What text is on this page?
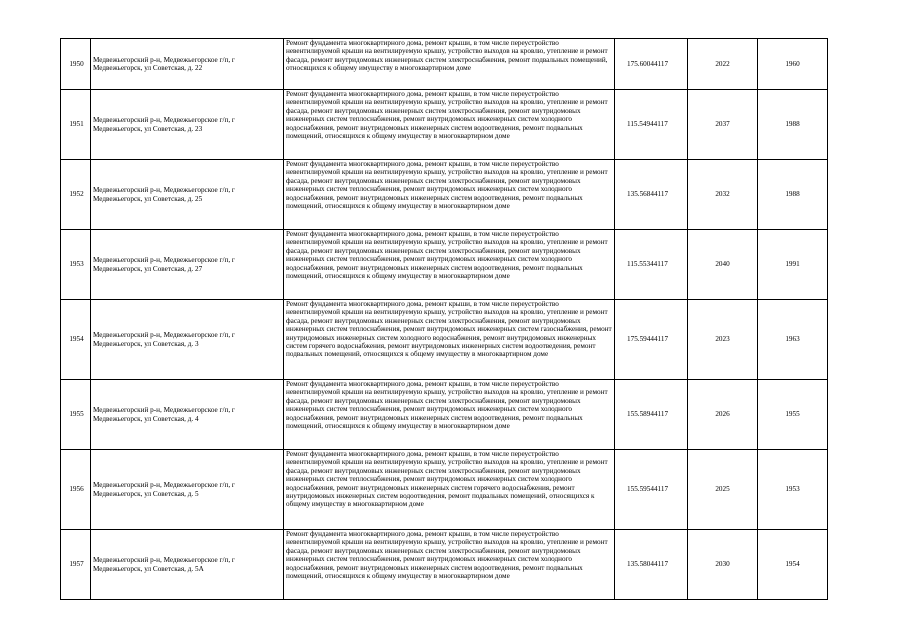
1950	Медвежьегорский р-н, Медвежьегорское г/п, г Медвежьегорск, ул Советская, д. 22	Ремонт фундамента многоквартирного дома, ремонт крыши, в том числе переустройство невентилируемой крыши на вентилируемую крышу, устройство выходов на кровлю, утепление и ремонт фасада, ремонт внутридомовых инженерных систем электроснабжения, ремонт подвальных помещений, относящихся к общему имуществу в многоквартирном доме	175.60044117	2022	1960
1951	Медвежьегорский р-н, Медвежьегорское г/п, г Медвежьегорск, ул Советская, д. 23	Ремонт фундамента многоквартирного дома, ремонт крыши, в том числе переустройство невентилируемой крыши на вентилируемую крышу, устройство выходов на кровлю, утепление и ремонт фасада, ремонт внутридомовых инженерных систем электроснабжения, ремонт внутридомовых инженерных систем теплоснабжения, ремонт внутридомовых инженерных систем холодного водоснабжения, ремонт внутридомовых инженерных систем водоотведения, ремонт подвальных помещений, относящихся к общему имуществу в многоквартирном доме	115.54944117	2037	1988
1952	Медвежьегорский р-н, Медвежьегорское г/п, г Медвежьегорск, ул Советская, д. 25	Ремонт фундамента многоквартирного дома, ремонт крыши, в том числе переустройство невентилируемой крыши на вентилируемую крышу, устройство выходов на кровлю, утепление и ремонт фасада, ремонт внутридомовых инженерных систем электроснабжения, ремонт внутридомовых инженерных систем теплоснабжения, ремонт внутридомовых инженерных систем холодного водоснабжения, ремонт внутридомовых инженерных систем водоотведения, ремонт подвальных помещений, относящихся к общему имуществу в многоквартирном доме	135.56844117	2032	1988
1953	Медвежьегорский р-н, Медвежьегорское г/п, г Медвежьегорск, ул Советская, д. 27	Ремонт фундамента многоквартирного дома, ремонт крыши, в том числе переустройство невентилируемой крыши на вентилируемую крышу, устройство выходов на кровлю, утепление и ремонт фасада, ремонт внутридомовых инженерных систем электроснабжения, ремонт внутридомовых инженерных систем теплоснабжения, ремонт внутридомовых инженерных систем холодного водоснабжения, ремонт внутридомовых инженерных систем водоотведения, ремонт подвальных помещений, относящихся к общему имуществу в многоквартирном доме	115.55344117	2040	1991
1954	Медвежьегорский р-н, Медвежьегорское г/п, г Медвежьегорск, ул Советская, д. 3	Ремонт фундамента многоквартирного дома, ремонт крыши, в том числе переустройство невентилируемой крыши на вентилируемую крышу, устройство выходов на кровлю, утепление и ремонт фасада, ремонт внутридомовых инженерных систем электроснабжения, ремонт внутридомовых инженерных систем теплоснабжения, ремонт внутридомовых инженерных систем газоснабжения, ремонт внутридомовых инженерных систем холодного водоснабжения, ремонт внутридомовых инженерных систем горячего водоснабжения, ремонт внутридомовых инженерных систем водоотведения, ремонт подвальных помещений, относящихся к общему имуществу в многоквартирном доме	175.59444117	2023	1963
1955	Медвежьегорский р-н, Медвежьегорское г/п, г Медвежьегорск, ул Советская, д. 4	Ремонт фундамента многоквартирного дома, ремонт крыши, в том числе переустройство невентилируемой крыши на вентилируемую крышу, устройство выходов на кровлю, утепление и ремонт фасада, ремонт внутридомовых инженерных систем электроснабжения, ремонт внутридомовых инженерных систем теплоснабжения, ремонт внутридомовых инженерных систем холодного водоснабжения, ремонт внутридомовых инженерных систем водоотведения, ремонт подвальных помещений, относящихся к общему имуществу в многоквартирном доме	155.58944117	2026	1955
1956	Медвежьегорский р-н, Медвежьегорское г/п, г Медвежьегорск, ул Советская, д. 5	Ремонт фундамента многоквартирного дома, ремонт крыши, в том числе переустройство невентилируемой крыши на вентилируемую крышу, устройство выходов на кровлю, утепление и ремонт фасада, ремонт внутридомовых инженерных систем электроснабжения, ремонт внутридомовых инженерных систем теплоснабжения, ремонт внутридомовых инженерных систем холодного водоснабжения, ремонт внутридомовых инженерных систем горячего водоснабжения, ремонт внутридомовых инженерных систем водоотведения, ремонт подвальных помещений, относящихся к общему имуществу в многоквартирном доме	155.59544117	2025	1953
1957	Медвежьегорский р-н, Медвежьегорское г/п, г Медвежьегорск, ул Советская, д. 5А	Ремонт фундамента многоквартирного дома, ремонт крыши, в том числе переустройство невентилируемой крыши на вентилируемую крышу, устройство выходов на кровлю, утепление и ремонт фасада, ремонт внутридомовых инженерных систем электроснабжения, ремонт внутридомовых инженерных систем теплоснабжения, ремонт внутридомовых инженерных систем холодного водоснабжения, ремонт внутридомовых инженерных систем водоотведения, ремонт подвальных помещений, относящихся к общему имуществу в многоквартирном доме	135.58044117	2030	1954
